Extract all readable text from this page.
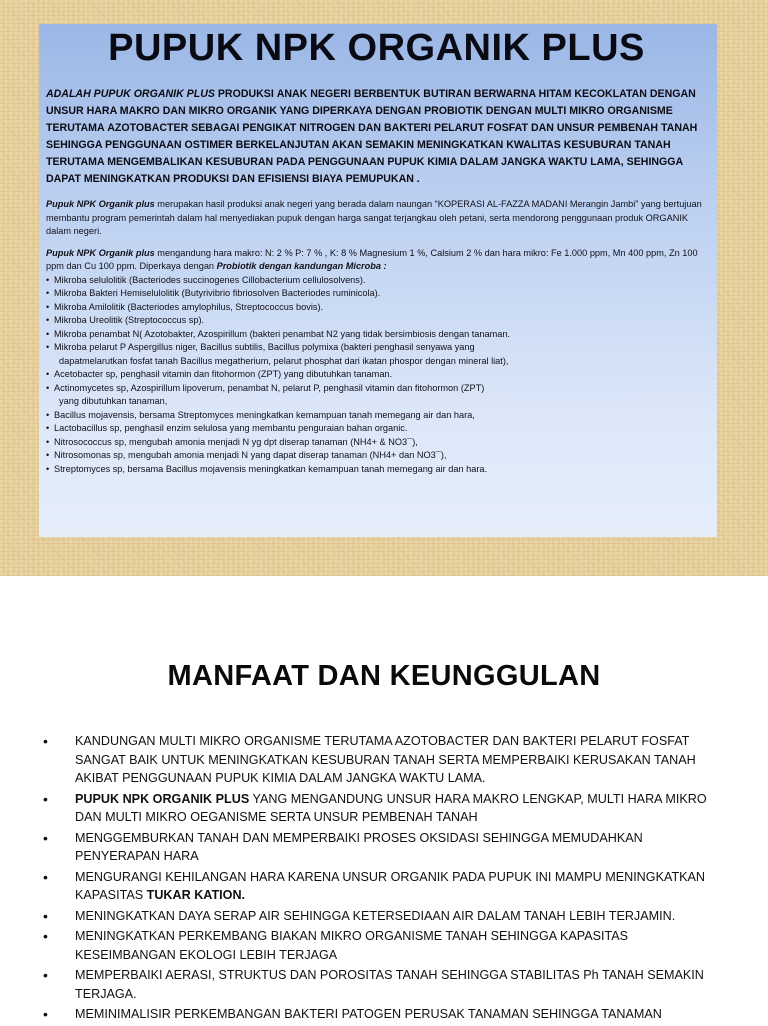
PUPUK NPK ORGANIK PLUS

ADALAH PUPUK ORGANIK PLUS PRODUKSI ANAK NEGERI BERBENTUK BUTIRAN BERWARNA HITAM KECOKLATAN DENGAN UNSUR HARA MAKRO DAN MIKRO ORGANIK YANG DIPERKAYA DENGAN PROBIOTIK DENGAN MULTI MIKRO ORGANISME TERUTAMA AZOTOBACTER SEBAGAI PENGIKAT NITROGEN DAN BAKTERI PELARUT FOSFAT DAN UNSUR PEMBENAH TANAH SEHINGGA PENGGUNAAN OSTIMER BERKELANJUTAN AKAN SEMAKIN MENINGKATKAN KWALITAS KESUBURAN TANAH TERUTAMA MENGEMBALIKAN KESUBURAN PADA PENGGUNAAN PUPUK KIMIA DALAM JANGKA WAKTU LAMA, SEHINGGA DAPAT MENINGKATKAN PRODUKSI DAN EFISIENSI BIAYA PEMUPUKAN .

Pupuk NPK Organik plus merupakan hasil produksi anak negeri yang berada dalam naungan “KOPERASI AL-FAZZA MADANI Merangin Jambi” yang bertujuan membantu program pemerintah dalam hal menyediakan pupuk dengan harga sangat terjangkau oleh petani, serta mendorong penggunaan produk ORGANIK dalam negeri.

Pupuk NPK Organik plus mengandung hara makro: N: 2 % P: 7 % , K: 8 % Magnesium 1 %, Calsium 2 % dan hara mikro: Fe 1.000 ppm, Mn 400 ppm, Zn 100 ppm dan Cu 100 ppm. Diperkaya dengan Probiotik dengan kandungan Microba :

• Mikroba selulolitik (Bacteriodes succinogenes Cillobacterium cellulosolvens).
• Mikroba Bakteri Hemiselulolitik (Butyrivibrio fibriosolven Bacteriodes ruminicola).
• Mikroba Amilolitik (Bacteriodes amylophilus, Streptococcus bovis).
• Mikroba Ureolitik (Streptococcus sp).
• Mikroba penambat N( Azotobakter, Azospirillum (bakteri penambat N2 yang tidak bersimbiosis dengan tanaman.
• Mikroba pelarut P Aspergillus niger, Bacillus subtilis, Bacillus polymixa (bakteri penghasil senyawa yang
dapatmelarutkan fosfat tanah Bacillus megatherium, pelarut phosphat dari ikatan phospor dengan mineral liat),
• Acetobacter sp, penghasil vitamin dan fitohormon (ZPT) yang dibutuhkan tanaman.
• Actinomycetes sp, Azospirillum lipoverum, penambat N, pelarut P, penghasil vitamin dan fitohormon (ZPT)
yang dibutuhkan tanaman,
• Bacillus mojavensis, bersama Streptomyces meningkatkan kemampuan tanah memegang air dan hara,
• Lactobacillus sp, penghasil enzim selulosa yang membantu penguraian bahan organic.
• Nitrosococcus sp, mengubah amonia menjadi N yg dpt diserap tanaman (NH4+ & NO3¯),
• Nitrosomonas sp, mengubah amonia menjadi N yang dapat diserap tanaman (NH4+ dan NO3¯),
• Streptomyces sp, bersama Bacillus mojavensis meningkatkan kemampuan tanah memegang air dan hara.
MANFAAT DAN KEUNGGULAN
• KANDUNGAN MULTI MIKRO ORGANISME TERUTAMA AZOTOBACTER DAN BAKTERI PELARUT FOSFAT SANGAT BAIK UNTUK MENINGKATKAN KESUBURAN TANAH SERTA MEMPERBAIKI KERUSAKAN TANAH AKIBAT PENGGUNAAN PUPUK KIMIA DALAM JANGKA WAKTU LAMA.
• PUPUK NPK ORGANIK PLUS YANG MENGANDUNG UNSUR HARA MAKRO LENGKAP, MULTI HARA MIKRO DAN MULTI MIKRO OEGANISME SERTA UNSUR PEMBENAH TANAH
• MENGGEMBURKAN TANAH DAN MEMPERBAIKI PROSES OKSIDASI SEHINGGA MEMUDAHKAN PENYERAPAN HARA
• MENGURANGI KEHILANGAN HARA KARENA UNSUR ORGANIK PADA PUPUK INI MAMPU MENINGKATKAN KAPASITAS TUKAR KATION.
• MENINGKATKAN DAYA SERAP AIR SEHINGGA KETERSEDIAAN AIR DALAM TANAH LEBIH TERJAMIN.
• MENINGKATKAN PERKEMBANG BIAKAN MIKRO ORGANISME TANAH SEHINGGA KAPASITAS KESEIMBANGAN EKOLOGI LEBIH TERJAGA
• MEMPERBAIKI AERASI, STRUKTUS DAN POROSITAS TANAH SEHINGGA STABILITAS Ph TANAH SEMAKIN TERJAGA.
• MEMINIMALISIR PERKEMBANGAN BAKTERI PATOGEN PERUSAK TANAMAN SEHINGGA TANAMAN
